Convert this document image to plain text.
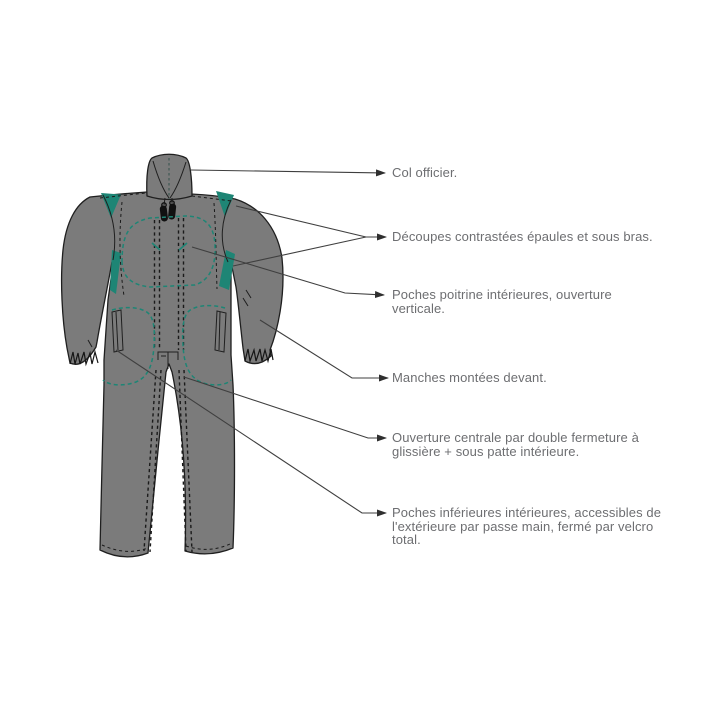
Col officier.
Découpes contrastées épaules et sous bras.
Poches poitrine intérieures, ouverture
verticale.
Manches montées devant.
Ouverture centrale par double fermeture à
glissière + sous patte intérieure.
Poches inférieures intérieures, accessibles de
l'extérieure par passe main, fermé par velcro
total.
